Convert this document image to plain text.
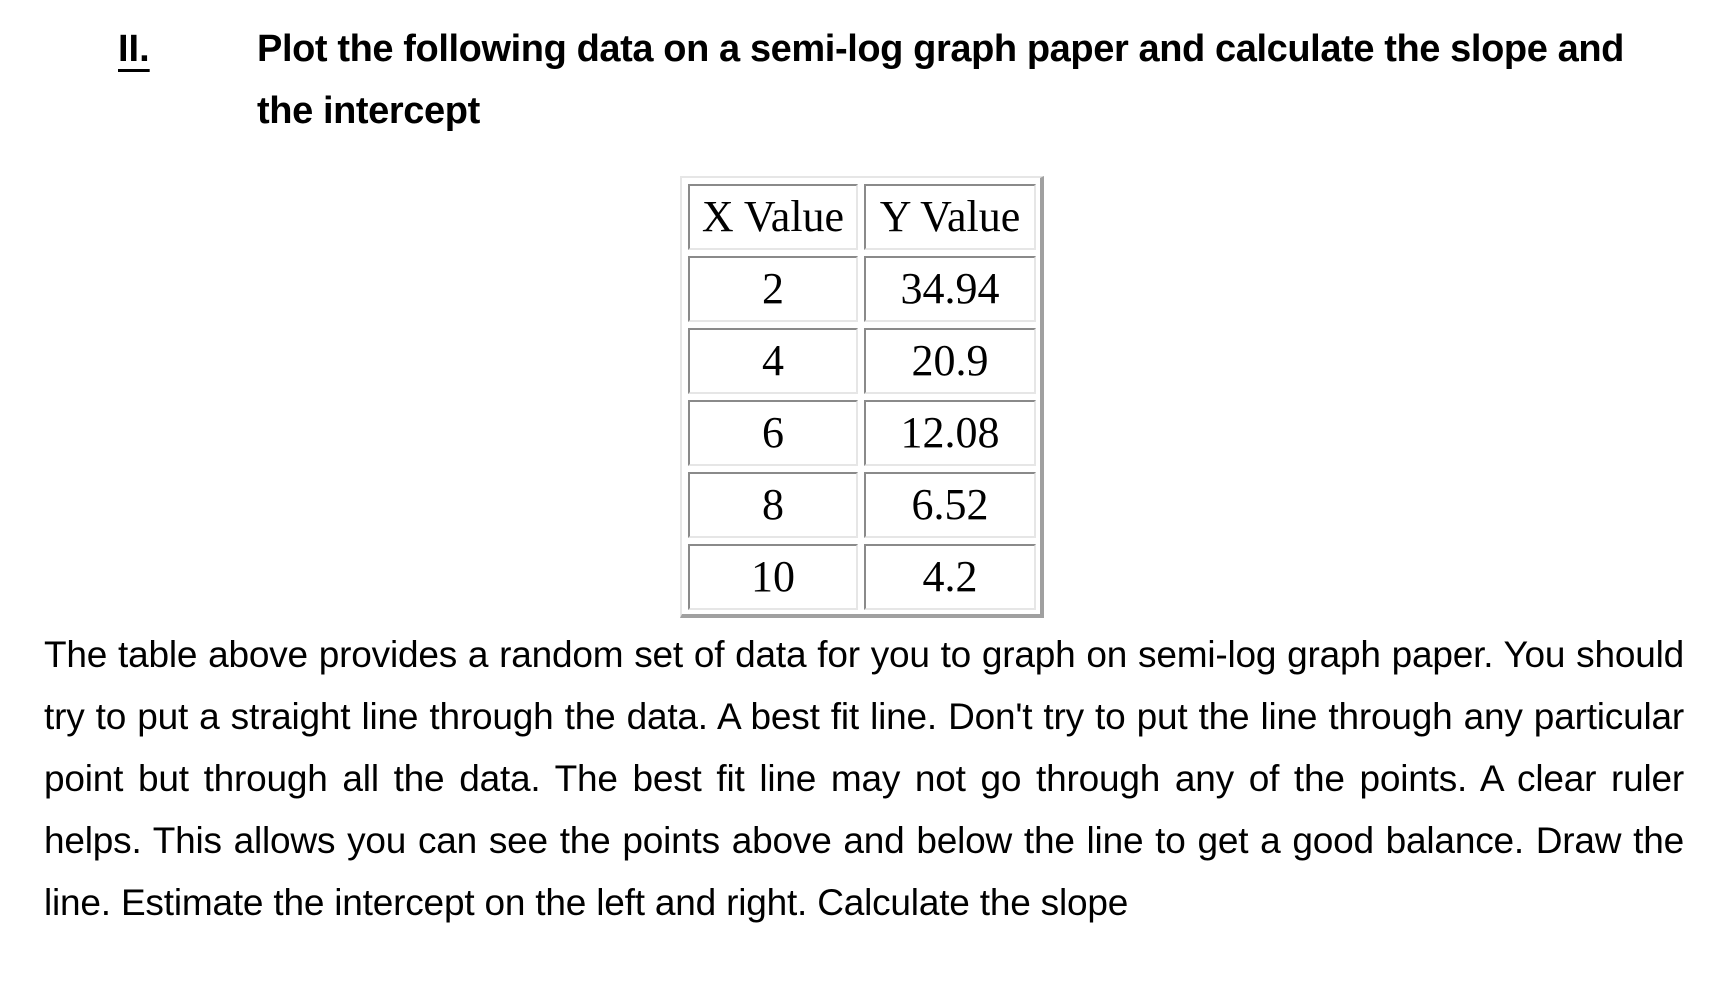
II.	Plot the following data on a semi-log graph paper and calculate the slope and the intercept
X Value	Y Value
2	34.94
4	20.9
6	12.08
8	6.52
10	4.2
The table above provides a random set of data for you to graph on semi-log graph paper. You should try to put a straight line through the data. A best fit line. Don't try to put the line through any particular point but through all the data. The best fit line may not go through any of the points. A clear ruler helps. This allows you can see the points above and below the line to get a good balance. Draw the line. Estimate the intercept on the left and right. Calculate the slope
